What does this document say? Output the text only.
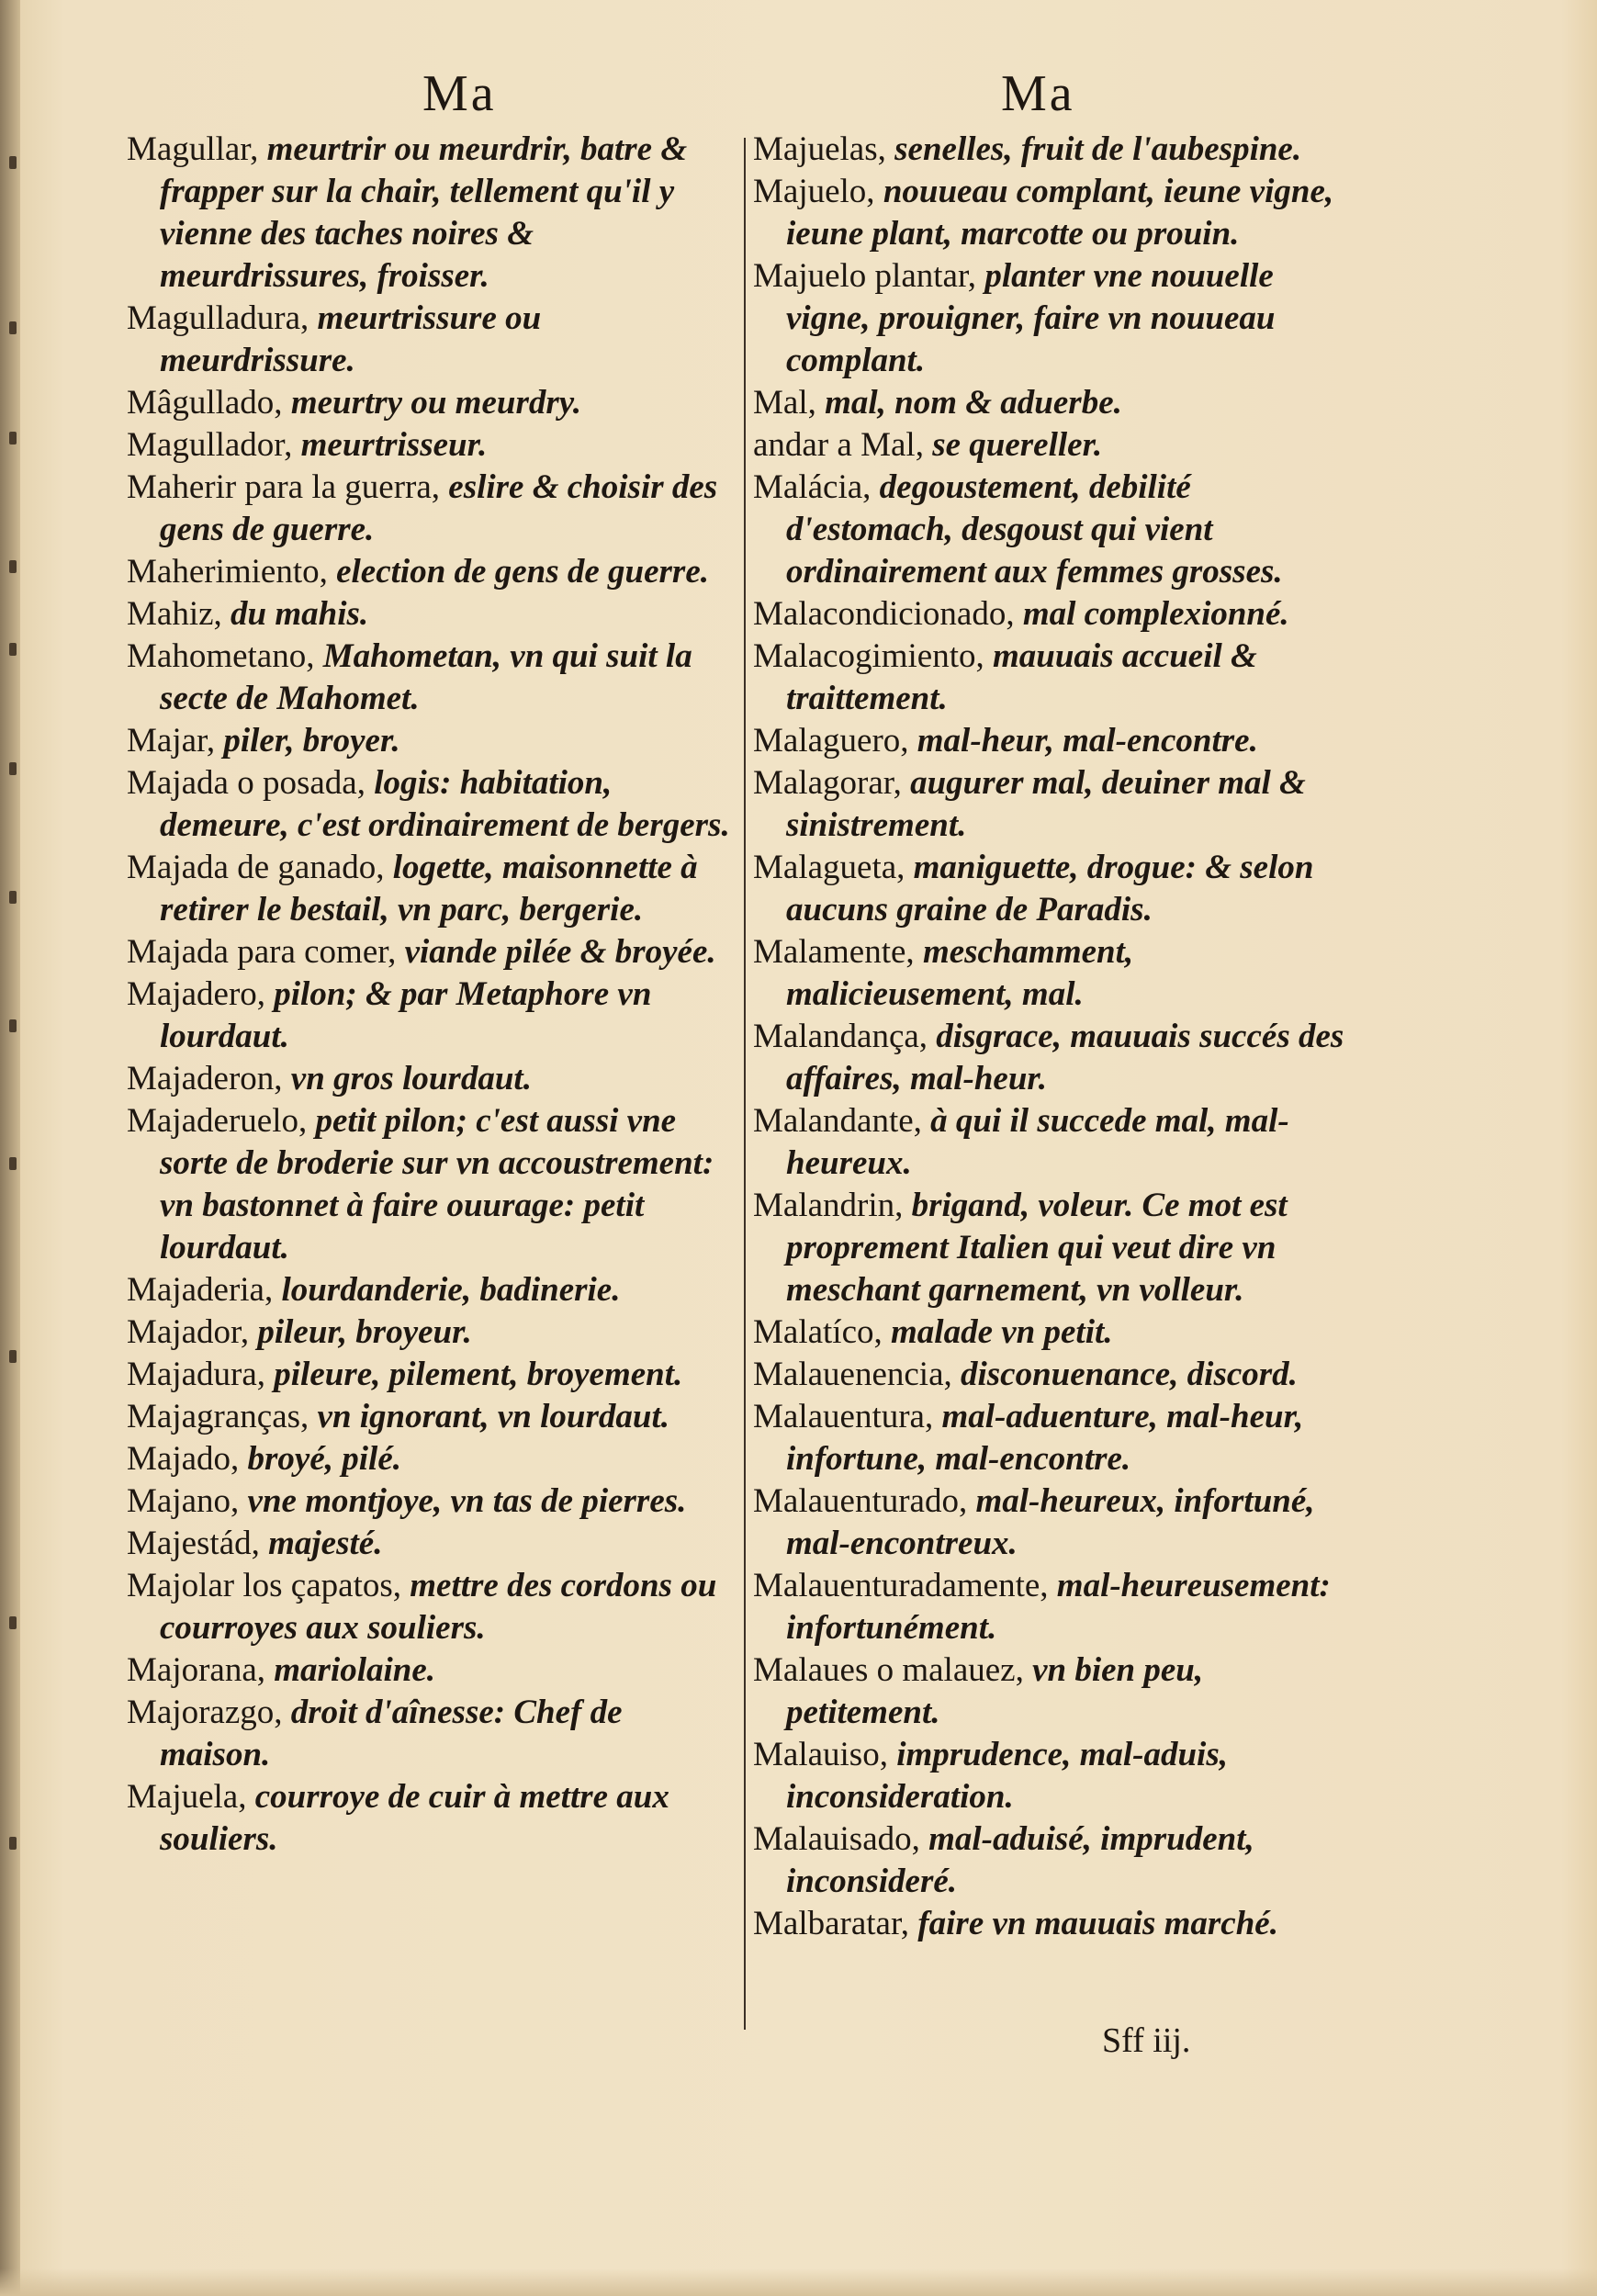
Ma	Ma

Magullar, meurtrir ou meurdrir, batre & frapper sur la chair, tellement qu'il y vienne des taches noires & meurdrissures, froisser.

Magulladura, meurtrissure ou meurdrissure.

Mâgullado, meurtry ou meurdry.

Magullador, meurtrisseur.

Maherir para la guerra, eslire & choisir des gens de guerre.

Maherimiento, election de gens de guerre.

Mahiz, du mahis.

Mahometano, Mahometan, vn qui suit la secte de Mahomet.

Majar, piler, broyer.

Majada o posada, logis: habitation, demeure, c'est ordinairement de bergers.

Majada de ganado, logette, maisonnette à retirer le bestail, vn parc, bergerie.

Majada para comer, viande pilée & broyée.

Majadero, pilon; & par Metaphore vn lourdaut.

Majaderon, vn gros lourdaut.

Majaderuelo, petit pilon; c'est aussi vne sorte de broderie sur vn accoustrement: vn bastonnet à faire ouurage: petit lourdaut.

Majaderia, lourdanderie, badinerie.

Majador, pileur, broyeur.

Majadura, pileure, pilement, broyement.

Majagranças, vn ignorant, vn lourdaut.

Majado, broyé, pilé.

Majano, vne montjoye, vn tas de pierres.

Majestád, majesté.

Majolar los çapatos, mettre des cordons ou courroyes aux souliers.

Majorana, mariolaine.

Majorazgo, droit d'aînesse: Chef de maison.

Majuela, courroye de cuir à mettre aux souliers.

Majuelas, senelles, fruit de l'aubespine.

Majuelo, nouueau complant, ieune vigne, ieune plant, marcotte ou prouin.

Majuelo plantar, planter vne nouuelle vigne, prouigner, faire vn nouueau complant.

Mal, mal, nom & aduerbe.

andar a Mal, se quereller.

Malácia, degoustement, debilité d'estomach, desgoust qui vient ordinairement aux femmes grosses.

Malacondicionado, mal complexionné.

Malacogimiento, mauuais accueil & traittement.

Malaguero, mal-heur, mal-encontre.

Malagorar, augurer mal, deuiner mal & sinistrement.

Malagueta, maniguette, drogue: & selon aucuns graine de Paradis.

Malamente, meschamment, malicieusement, mal.

Malandança, disgrace, mauuais succés des affaires, mal-heur.

Malandante, à qui il succede mal, mal-heureux.

Malandrin, brigand, voleur. Ce mot est proprement Italien qui veut dire vn meschant garnement, vn volleur.

Malatíco, malade vn petit.

Malauenencia, disconuenance, discord.

Malauentura, mal-aduenture, mal-heur, infortune, mal-encontre.

Malauenturado, mal-heureux, infortuné, mal-encontreux.

Malauenturadamente, mal-heureusement: infortunément.

Malaues o malauez, vn bien peu, petitement.

Malauiso, imprudence, mal-aduis, inconsideration.

Malauisado, mal-aduisé, imprudent, inconsideré.

Malbaratar, faire vn mauuais marché.

Sff iij.
